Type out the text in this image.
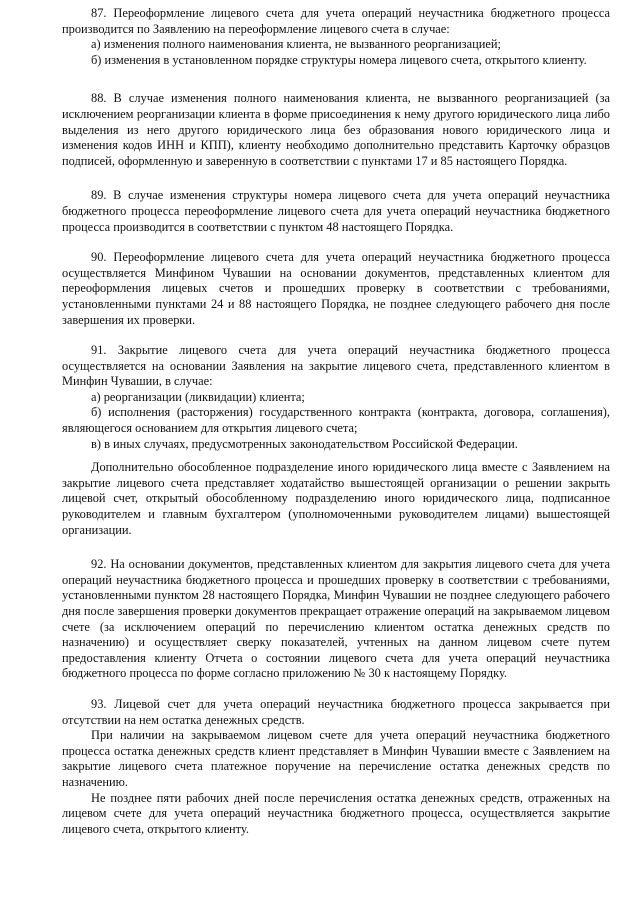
87. Переоформление лицевого счета для учета операций неучастника бюджетного процесса производится по Заявлению на переоформление лицевого счета в случае:

а) изменения полного наименования клиента, не вызванного реорганизацией;

б) изменения в установленном порядке структуры номера лицевого счета, открытого клиенту.

88. В случае изменения полного наименования клиента, не вызванного реорганизацией (за исключением реорганизации клиента в форме присоединения к нему другого юридического лица либо выделения из него другого юридического лица без образования нового юридического лица и изменения кодов ИНН и КПП), клиенту необходимо дополнительно представить Карточку образцов подписей, оформленную и заверенную в соответствии с пунктами 17 и 85 настоящего Порядка.

89. В случае изменения структуры номера лицевого счета для учета операций неучастника бюджетного процесса переоформление лицевого счета для учета операций неучастника бюджетного процесса производится в соответствии с пунктом 48 настоящего Порядка.

90. Переоформление лицевого счета для учета операций неучастника бюджетного процесса осуществляется Минфином Чувашии на основании документов, представленных клиентом для переоформления лицевых счетов и прошедших проверку в соответствии с требованиями, установленными пунктами 24 и 88 настоящего Порядка, не позднее следующего рабочего дня после завершения их проверки.

91. Закрытие лицевого счета для учета операций неучастника бюджетного процесса осуществляется на основании Заявления на закрытие лицевого счета, представленного клиентом в Минфин Чувашии, в случае:

а) реорганизации (ликвидации) клиента;

б) исполнения (расторжения) государственного контракта (контракта, договора, соглашения), являющегося основанием для открытия лицевого счета;

в) в иных случаях, предусмотренных законодательством Российской Федерации.

Дополнительно обособленное подразделение иного юридического лица вместе с Заявлением на закрытие лицевого счета представляет ходатайство вышестоящей организации о решении закрыть лицевой счет, открытый обособленному подразделению иного юридического лица, подписанное руководителем и главным бухгалтером (уполномоченными руководителем лицами) вышестоящей организации.

92. На основании документов, представленных клиентом для закрытия лицевого счета для учета операций неучастника бюджетного процесса и прошедших проверку в соответствии с требованиями, установленными пунктом 28 настоящего Порядка, Минфин Чувашии не позднее следующего рабочего дня после завершения проверки документов прекращает отражение операций на закрываемом лицевом счете (за исключением операций по перечислению клиентом остатка денежных средств по назначению) и осуществляет сверку показателей, учтенных на данном лицевом счете путем предоставления клиенту Отчета о состоянии лицевого счета для учета операций неучастника бюджетного процесса по форме согласно приложению № 30 к настоящему Порядку.

93. Лицевой счет для учета операций неучастника бюджетного процесса закрывается при отсутствии на нем остатка денежных средств.

При наличии на закрываемом лицевом счете для учета операций неучастника бюджетного процесса остатка денежных средств клиент представляет в Минфин Чувашии вместе с Заявлением на закрытие лицевого счета платежное поручение на перечисление остатка денежных средств по назначению.

Не позднее пяти рабочих дней после перечисления остатка денежных средств, отраженных на лицевом счете для учета операций неучастника бюджетного процесса, осуществляется закрытие лицевого счета, открытого клиенту.
